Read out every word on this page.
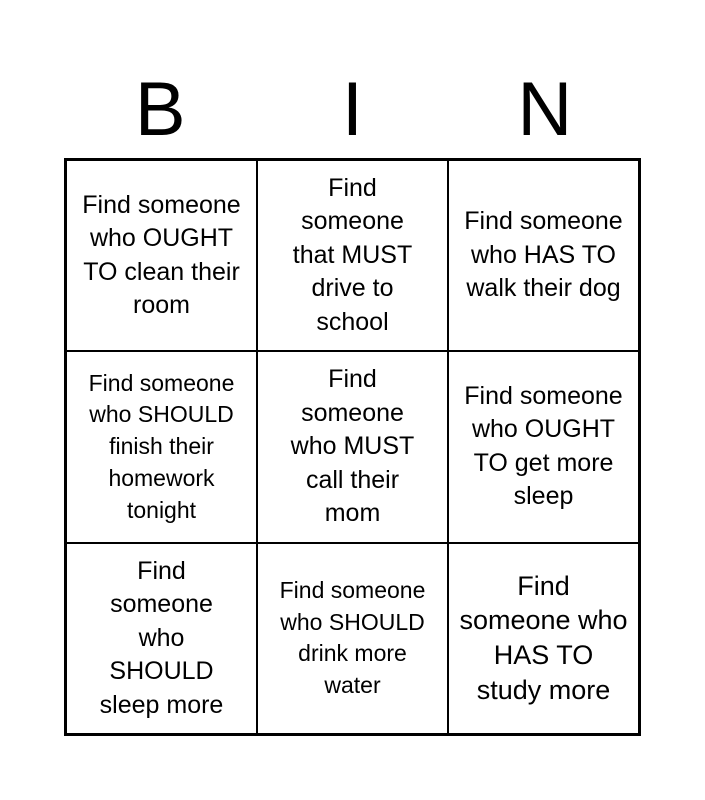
B	I	N
Find someone who OUGHT TO clean their room
Find someone that MUST drive to school
Find someone who HAS TO walk their dog
Find someone who SHOULD finish their homework tonight
Find someone who MUST call their mom
Find someone who OUGHT TO get more sleep
Find someone who SHOULD sleep more
Find someone who SHOULD drink more water
Find someone who HAS TO study more
